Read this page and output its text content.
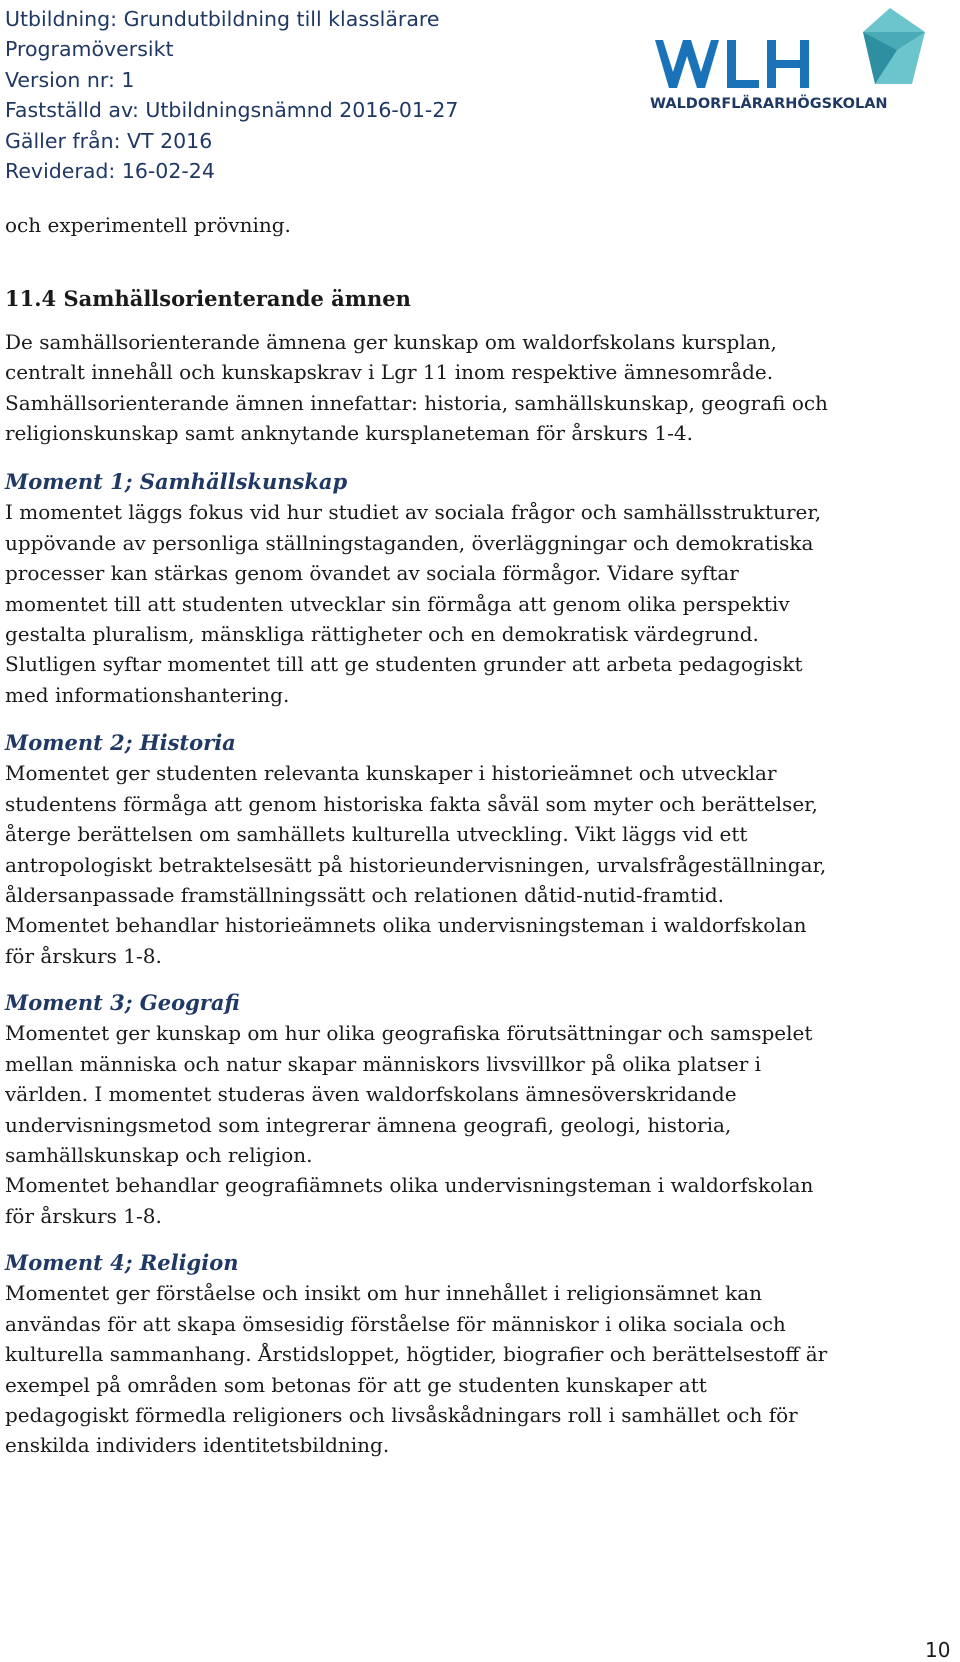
Utbildning: Grundutbildning till klasslärare
Programöversikt
Version nr: 1
Fastställd av: Utbildningsnämnd 2016-01-27
Gäller från: VT 2016
Reviderad: 16-02-24
WALDORFLÄRARHÖGSKOLAN
och experimentell prövning.
11.4 Samhällsorienterande ämnen
De samhällsorienterande ämnena ger kunskap om waldorfskolans kursplan,
centralt innehåll och kunskapskrav i Lgr 11 inom respektive ämnesområde.
Samhällsorienterande ämnen innefattar: historia, samhällskunskap, geografi och
religionskunskap samt anknytande kursplaneteman för årskurs 1-4.
Moment 1; Samhällskunskap
I momentet läggs fokus vid hur studiet av sociala frågor och samhällsstrukturer,
uppövande av personliga ställningstaganden, överläggningar och demokratiska
processer kan stärkas genom övandet av sociala förmågor. Vidare syftar
momentet till att studenten utvecklar sin förmåga att genom olika perspektiv
gestalta pluralism, mänskliga rättigheter och en demokratisk värdegrund.
Slutligen syftar momentet till att ge studenten grunder att arbeta pedagogiskt
med informationshantering.
Moment 2; Historia
Momentet ger studenten relevanta kunskaper i historieämnet och utvecklar
studentens förmåga att genom historiska fakta såväl som myter och berättelser,
återge berättelsen om samhällets kulturella utveckling. Vikt läggs vid ett
antropologiskt betraktelsesätt på historieundervisningen, urvalsfrågeställningar,
åldersanpassade framställningssätt och relationen dåtid-nutid-framtid.
Momentet behandlar historieämnets olika undervisningsteman i waldorfskolan
för årskurs 1-8.
Moment 3; Geografi
Momentet ger kunskap om hur olika geografiska förutsättningar och samspelet
mellan människa och natur skapar människors livsvillkor på olika platser i
världen. I momentet studeras även waldorfskolans ämnesöverskridande
undervisningsmetod som integrerar ämnena geografi, geologi, historia,
samhällskunskap och religion.
Momentet behandlar geografiämnets olika undervisningsteman i waldorfskolan
för årskurs 1-8.
Moment 4; Religion
Momentet ger förståelse och insikt om hur innehållet i religionsämnet kan
användas för att skapa ömsesidig förståelse för människor i olika sociala och
kulturella sammanhang. Årstidsloppet, högtider, biografier och berättelsestoff är
exempel på områden som betonas för att ge studenten kunskaper att
pedagogiskt förmedla religioners och livsåskådningars roll i samhället och för
enskilda individers identitetsbildning.
10
